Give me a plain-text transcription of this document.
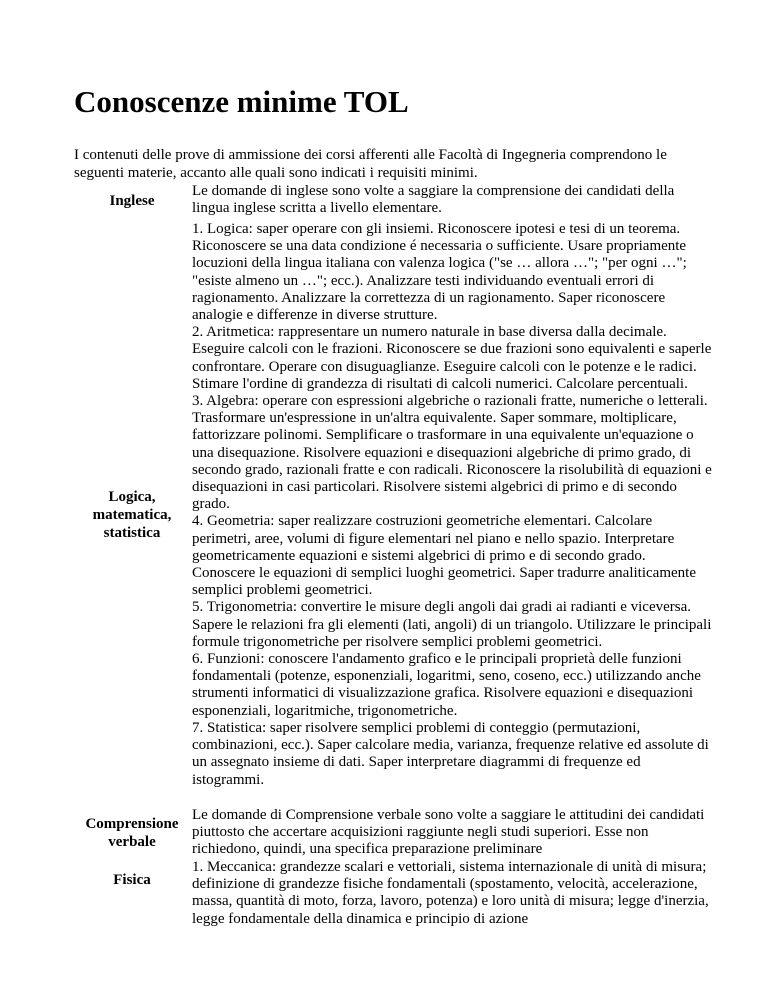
Conoscenze minime TOL

I contenuti delle prove di ammissione dei corsi afferenti alle Facoltà di Ingegneria comprendono le seguenti materie, accanto alle quali sono indicati i requisiti minimi.

Inglese

Le domande di inglese sono volte a saggiare la comprensione dei candidati della lingua inglese scritta a livello elementare.

Logica, matematica, statistica

1. Logica: saper operare con gli insiemi. Riconoscere ipotesi e tesi di un teorema. Riconoscere se una data condizione é necessaria o sufficiente. Usare propriamente locuzioni della lingua italiana con valenza logica ("se … allora …"; "per ogni …"; "esiste almeno un …"; ecc.). Analizzare testi individuando eventuali errori di ragionamento. Analizzare la correttezza di un ragionamento. Saper riconoscere analogie e differenze in diverse strutture.

2. Aritmetica: rappresentare un numero naturale in base diversa dalla decimale. Eseguire calcoli con le frazioni. Riconoscere se due frazioni sono equivalenti e saperle confrontare. Operare con disuguaglianze. Eseguire calcoli con le potenze e le radici. Stimare l'ordine di grandezza di risultati di calcoli numerici. Calcolare percentuali.

3. Algebra: operare con espressioni algebriche o razionali fratte, numeriche o letterali. Trasformare un'espressione in un'altra equivalente. Saper sommare, moltiplicare, fattorizzare polinomi. Semplificare o trasformare in una equivalente un'equazione o una disequazione. Risolvere equazioni e disequazioni algebriche di primo grado, di secondo grado, razionali fratte e con radicali. Riconoscere la risolubilità di equazioni e disequazioni in casi particolari. Risolvere sistemi algebrici di primo e di secondo grado.

4. Geometria: saper realizzare costruzioni geometriche elementari. Calcolare perimetri, aree, volumi di figure elementari nel piano e nello spazio. Interpretare geometricamente equazioni e sistemi algebrici di primo e di secondo grado. Conoscere le equazioni di semplici luoghi geometrici. Saper tradurre analiticamente semplici problemi geometrici.

5. Trigonometria: convertire le misure degli angoli dai gradi ai radianti e viceversa. Sapere le relazioni fra gli elementi (lati, angoli) di un triangolo. Utilizzare le principali formule trigonometriche per risolvere semplici problemi geometrici.

6. Funzioni: conoscere l'andamento grafico e le principali proprietà delle funzioni fondamentali (potenze, esponenziali, logaritmi, seno, coseno, ecc.) utilizzando anche strumenti informatici di visualizzazione grafica. Risolvere equazioni e disequazioni esponenziali, logaritmiche, trigonometriche.

7. Statistica: saper risolvere semplici problemi di conteggio (permutazioni, combinazioni, ecc.). Saper calcolare media, varianza, frequenze relative ed assolute di un assegnato insieme di dati. Saper interpretare diagrammi di frequenze ed istogrammi.

Comprensione verbale

Le domande di Comprensione verbale sono volte a saggiare le attitudini dei candidati piuttosto che accertare acquisizioni raggiunte negli studi superiori. Esse non richiedono, quindi, una specifica preparazione preliminare

Fisica

1. Meccanica: grandezze scalari e vettoriali, sistema internazionale di unità di misura; definizione di grandezze fisiche fondamentali (spostamento, velocità, accelerazione, massa, quantità di moto, forza, lavoro, potenza) e loro unità di misura; legge d'inerzia, legge fondamentale della dinamica e principio di azione
